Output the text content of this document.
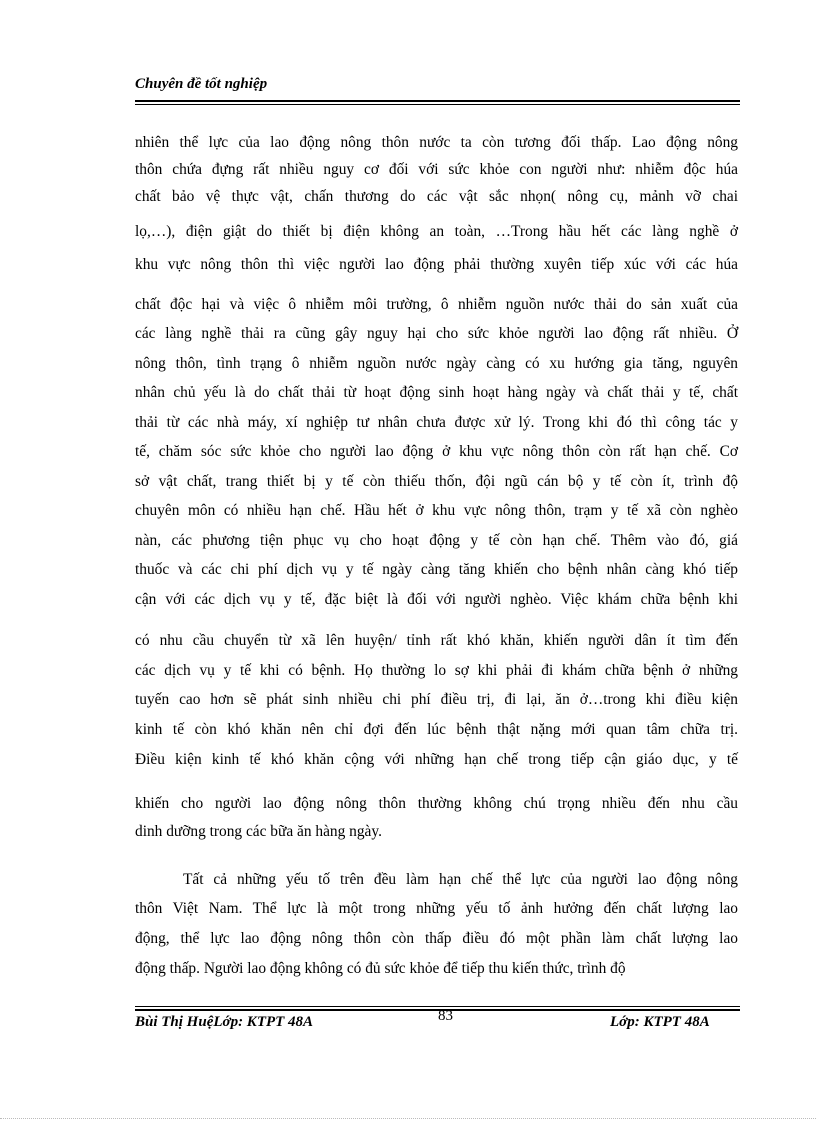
Chuyên đề tốt nghiệp
nhiên thể lực của lao động nông thôn nước ta còn tương đối thấp. Lao động nông
thôn chứa đựng rất nhiều nguy cơ đối với sức khỏe con người như: nhiễm độc húa
chất bảo vệ thực vật, chấn thương do các vật sắc nhọn( nông cụ, mảnh vỡ chai
lọ,…), điện giật do thiết bị điện không an toàn, …Trong hầu hết các làng nghề ở
khu vực nông thôn thì việc người lao động phải thường xuyên tiếp xúc với các húa
chất độc hại và việc ô nhiễm môi trường, ô nhiễm nguồn nước thải do sản xuất của
các làng nghề thải ra cũng gây nguy hại cho sức khỏe người lao động rất nhiều. Ở
nông thôn, tình trạng ô nhiễm nguồn nước ngày càng có xu hướng gia tăng, nguyên
nhân chủ yếu là do chất thải từ hoạt động sinh hoạt hàng ngày và chất thải y tế, chất
thải từ các nhà máy, xí nghiệp tư nhân chưa được xử lý. Trong khi đó thì công tác y
tế, chăm sóc sức khỏe cho người lao động ở khu vực nông thôn còn rất hạn chế. Cơ
sở vật chất, trang thiết bị y tế còn thiếu thốn, đội ngũ cán bộ y tế còn ít, trình độ
chuyên môn có nhiều hạn chế. Hầu hết ở khu vực nông thôn, trạm y tế xã còn nghèo
nàn, các phương tiện phục vụ cho hoạt động y tế còn hạn chế. Thêm vào đó, giá
thuốc và các chi phí dịch vụ y tế ngày càng tăng khiến cho bệnh nhân càng khó tiếp
cận với các dịch vụ y tế, đặc biệt là đối với người nghèo. Việc khám chữa bệnh khi
có nhu cầu chuyển từ xã lên huyện/ tỉnh rất khó khăn, khiến người dân ít tìm đến
các dịch vụ y tế khi có bệnh. Họ thường lo sợ khi phải đi khám chữa bệnh ở những
tuyến cao hơn sẽ phát sinh nhiều chi phí điều trị, đi lại, ăn ở…trong khi điều kiện
kinh tế còn khó khăn nên chỉ đợi đến lúc bệnh thật nặng mới quan tâm chữa trị.
Điều kiện kinh tế khó khăn cộng với những hạn chế trong tiếp cận giáo dục, y tế
khiến cho người lao động nông thôn thường không chú trọng nhiều đến nhu cầu
dinh dưỡng trong các bữa ăn hàng ngày.
Tất cả những yếu tố trên đều làm hạn chế thể lực của người lao động nông
thôn Việt Nam. Thể lực là một trong những yếu tố ảnh hưởng đến chất lượng lao
động, thể lực lao động nông thôn còn thấp điều đó một phần làm chất lượng lao
động thấp. Người lao động không có đủ sức khỏe để tiếp thu kiến thức, trình độ
Bùi Thị HuệLớp: KTPT 48A	83	Lớp: KTPT 48A
